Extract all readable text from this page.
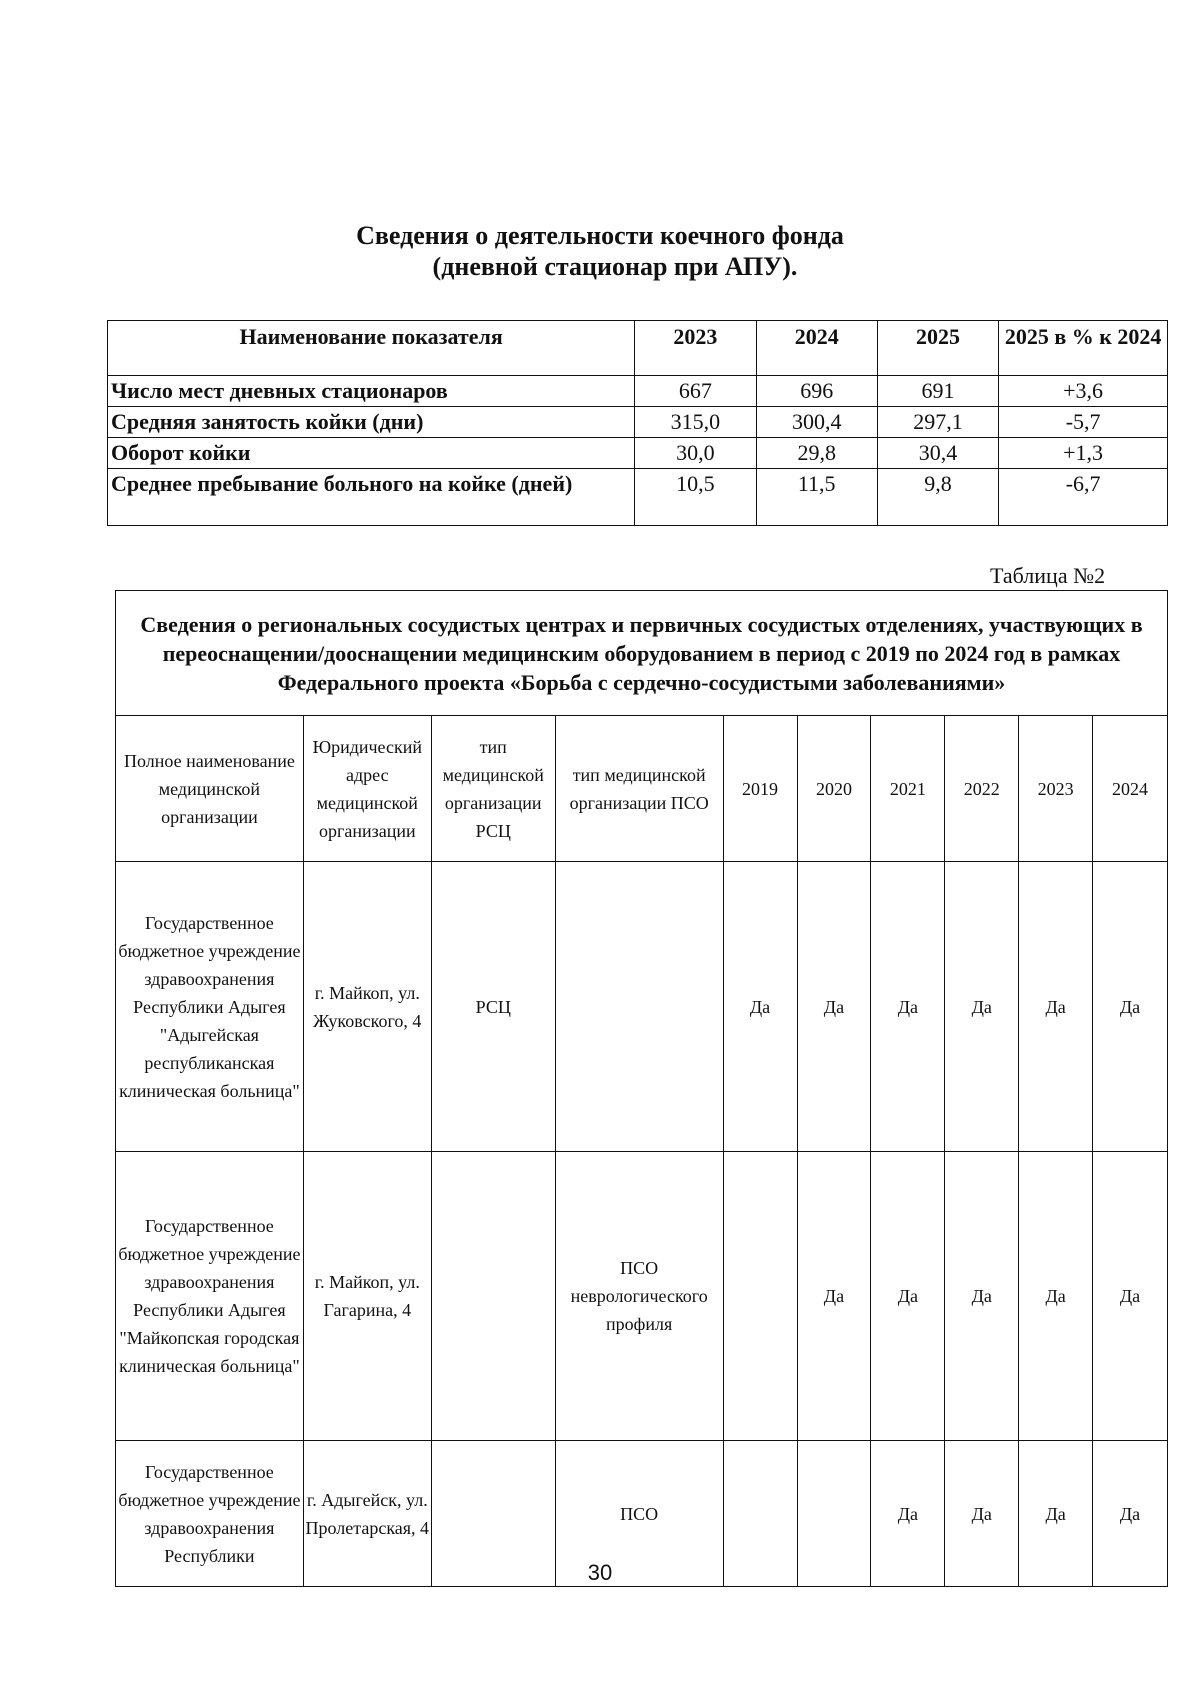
Сведения о деятельности коечного фонда
(дневной стационар при АПУ).
Наименование показателя	2023	2024	2025	2025 в % к 2024
Число мест дневных стационаров	667	696	691	+3,6
Средняя занятость койки (дни)	315,0	300,4	297,1	-5,7
Оборот койки	30,0	29,8	30,4	+1,3
Среднее пребывание больного на койке (дней)	10,5	11,5	9,8	-6,7
Таблица №2
Сведения о региональных сосудистых центрах и первичных сосудистых отделениях, участвующих в переоснащении/дооснащении медицинским оборудованием в период с 2019 по 2024 год в рамках Федерального проекта «Борьба с сердечно-сосудистыми заболеваниями»									
Полное наименование медицинской организации	Юридический адрес медицинской организации	тип медицинской организации РСЦ	тип медицинской организации ПСО	2019	2020	2021	2022	2023	2024
Государственное бюджетное учреждение здравоохранения Республики Адыгея "Адыгейская республиканская клиническая больница"	г. Майкоп, ул. Жуковского, 4	РСЦ		Да	Да	Да	Да	Да	Да
Государственное бюджетное учреждение здравоохранения Республики Адыгея "Майкопская городская клиническая больница"	г. Майкоп, ул. Гагарина, 4		ПСО неврологического профиля		Да	Да	Да	Да	Да
Государственное бюджетное учреждение здравоохранения Республики	г. Адыгейск, ул. Пролетарская, 4		ПСО			Да	Да	Да	Да
30
